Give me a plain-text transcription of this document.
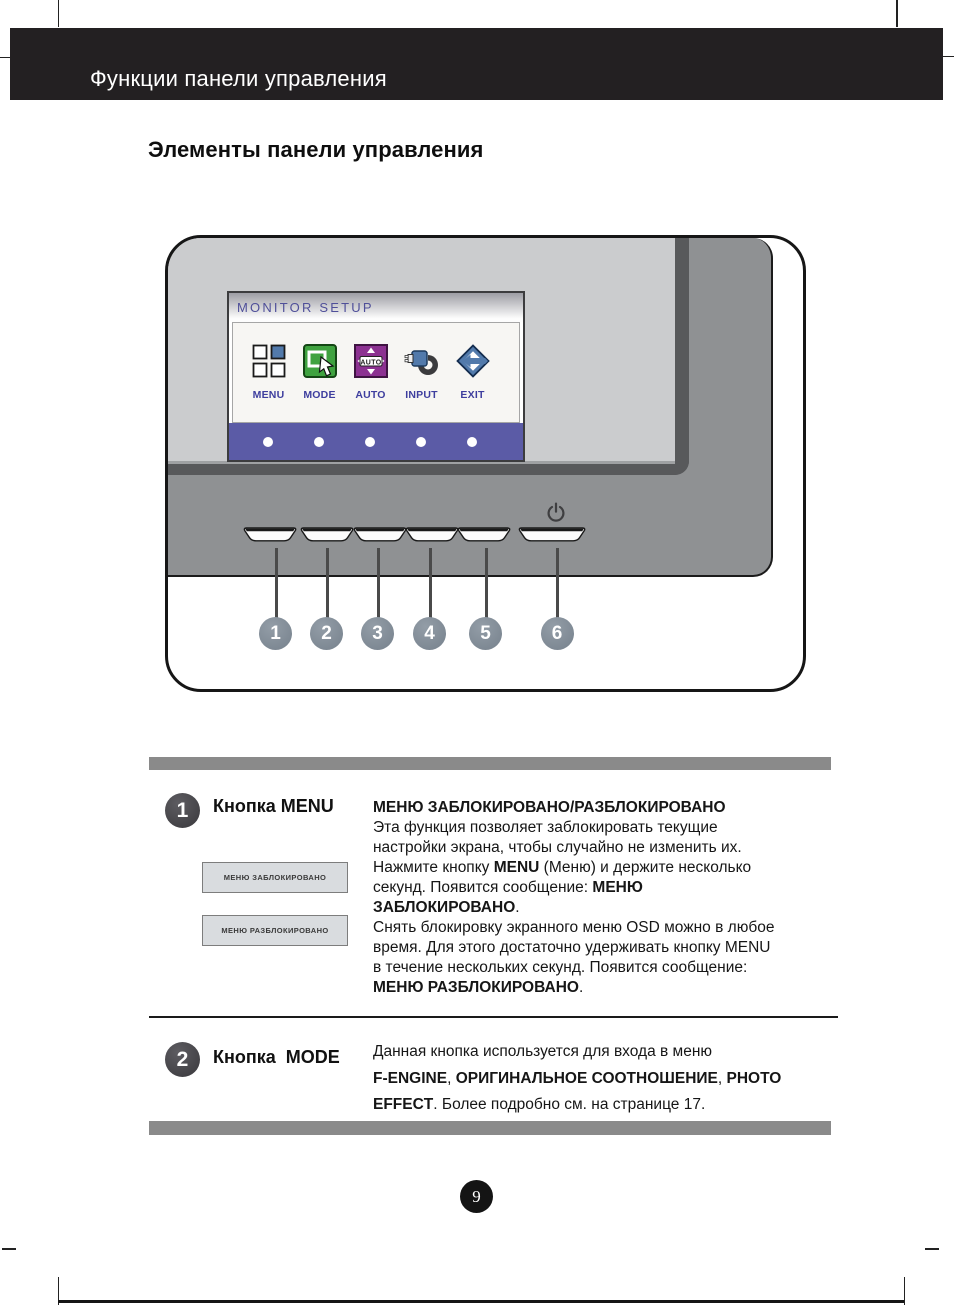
Функции панели управления
Элементы панели управления
MONITOR SETUP
MENU MODE
AUTO
AUTO INPUT EXIT
1	2	3	4	5	6
1	Кнопка MENU
МЕНЮ ЗАБЛОКИРОВАНО
МЕНЮ РАЗБЛОКИРОВАНО
МЕНЮ ЗАБЛОКИРОВАНО/РАЗБЛОКИРОВАНО
Эта функция позволяет заблокировать текущие
настройки экрана, чтобы случайно не изменить их.
Нажмите кнопку MENU (Меню) и держите несколько
секунд. Появится сообщение: МЕНЮ
ЗАБЛОКИРОВАНО.
Снять блокировку экранного меню OSD можно в любое
время. Для этого достаточно удерживать кнопку MENU
в течение нескольких секунд. Появится сообщение:
МЕНЮ РАЗБЛОКИРОВАНО.
2	Кнопка  MODE Данная кнопка используется для входа в меню
F-ENGINE, ОРИГИНАЛЬНОЕ СООТНОШЕНИЕ, PHOTO
EFFECT. Более подробно см. на странице 17.
9
